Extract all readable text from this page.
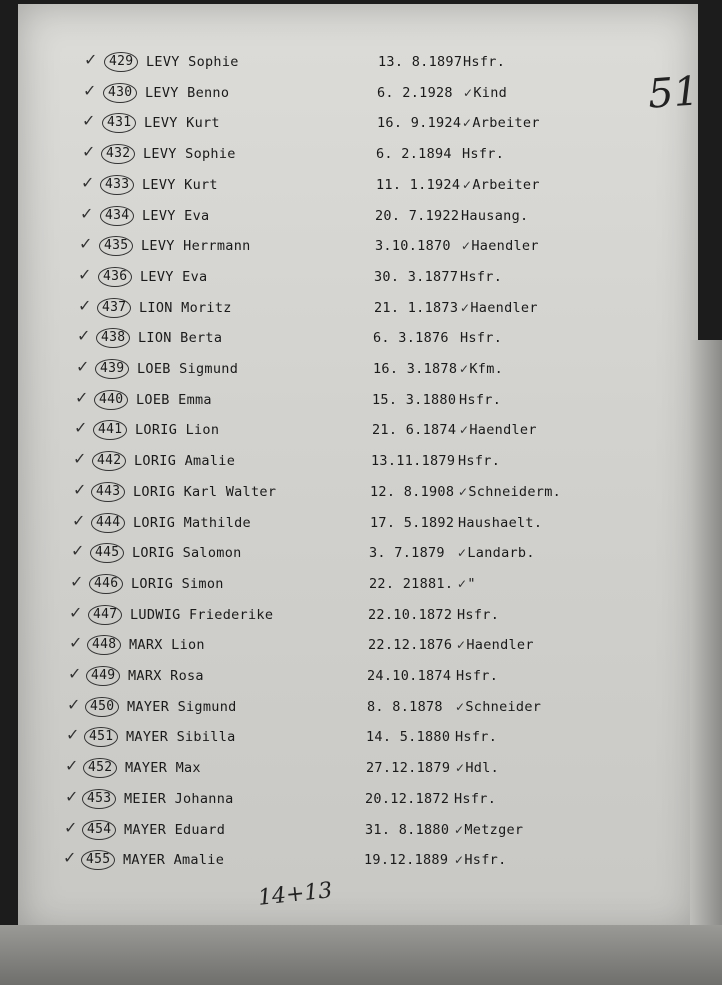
51
✓ 429 LEVY Sophie	13. 8.1897 Hsfr.
✓ 430 LEVY Benno	6. 2.1928 ✓Kind
✓ 431 LEVY Kurt	16. 9.1924 ✓Arbeiter
✓ 432 LEVY Sophie	6. 2.1894 Hsfr.
✓ 433 LEVY Kurt	11. 1.1924 ✓Arbeiter
✓ 434 LEVY Eva	20. 7.1922 Hausang.
✓ 435 LEVY Herrmann	3.10.1870 ✓Haendler
✓ 436 LEVY Eva	30. 3.1877 Hsfr.
✓ 437 LION Moritz	21. 1.1873 ✓Haendler
✓ 438 LION Berta	6. 3.1876 Hsfr.
✓ 439 LOEB Sigmund	16. 3.1878 ✓Kfm.
✓ 440 LOEB Emma	15. 3.1880 Hsfr.
✓ 441 LORIG Lion	21. 6.1874 ✓Haendler
✓ 442 LORIG Amalie	13.11.1879 Hsfr.
✓ 443 LORIG Karl Walter	12. 8.1908 ✓Schneiderm.
✓ 444 LORIG Mathilde	17. 5.1892 Haushaelt.
✓ 445 LORIG Salomon	3. 7.1879 ✓Landarb.
✓ 446 LORIG Simon	22. 21881. ✓"
✓ 447 LUDWIG Friederike	22.10.1872 Hsfr.
✓ 448 MARX Lion	22.12.1876 ✓Haendler
✓ 449 MARX Rosa	24.10.1874 Hsfr.
✓ 450 MAYER Sigmund	8. 8.1878 ✓Schneider
✓ 451 MAYER Sibilla	14. 5.1880 Hsfr.
✓ 452 MAYER Max	27.12.1879 ✓Hdl.
✓ 453 MEIER Johanna	20.12.1872 Hsfr.
✓ 454 MAYER Eduard	31. 8.1880 ✓Metzger
✓ 455 MAYER Amalie	19.12.1889 ✓Hsfr.
14+13
